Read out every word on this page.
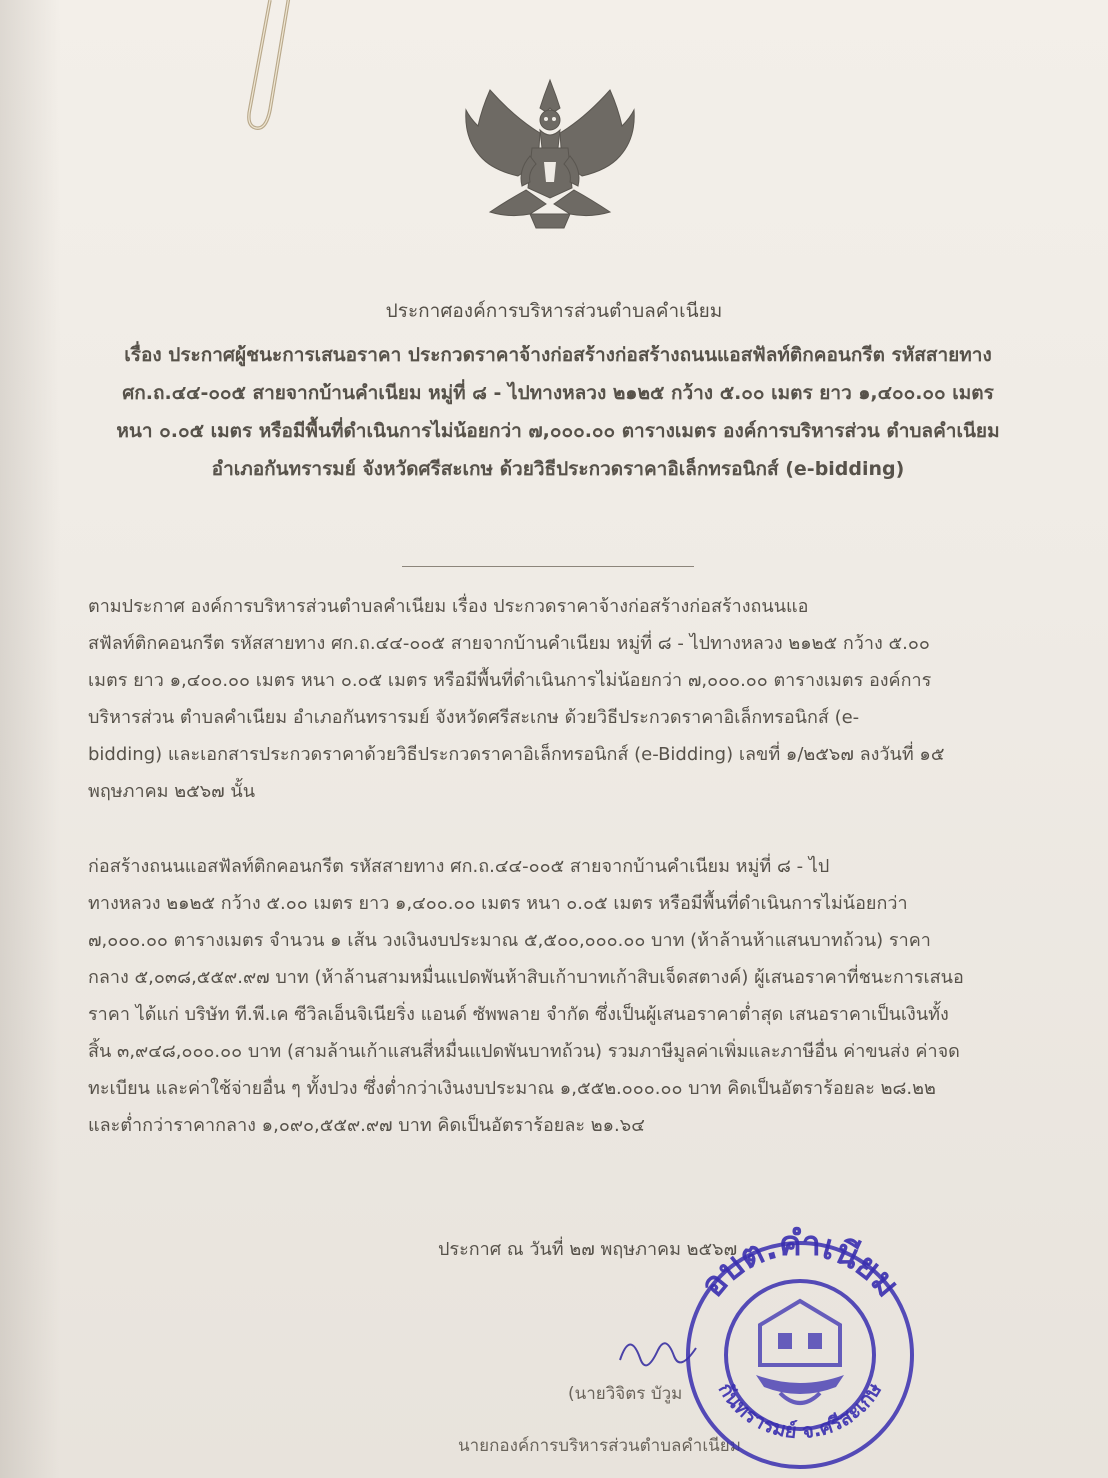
ประกาศองค์การบริหารส่วนตำบลคำเนียม
เรื่อง ประกาศผู้ชนะการเสนอราคา ประกวดราคาจ้างก่อสร้างก่อสร้างถนนแอสฟัลท์ติกคอนกรีต รหัสสายทาง
ศก.ถ.๔๔-๐๐๕ สายจากบ้านคำเนียม หมู่ที่ ๘ - ไปทางหลวง ๒๑๒๕ กว้าง ๕.๐๐ เมตร ยาว ๑,๔๐๐.๐๐ เมตร
หนา ๐.๐๕ เมตร หรือมีพื้นที่ดำเนินการไม่น้อยกว่า ๗,๐๐๐.๐๐ ตารางเมตร องค์การบริหารส่วน ตำบลคำเนียม
อำเภอกันทรารมย์ จังหวัดศรีสะเกษ ด้วยวิธีประกวดราคาอิเล็กทรอนิกส์ (e-bidding)
ตามประกาศ องค์การบริหารส่วนตำบลคำเนียม เรื่อง ประกวดราคาจ้างก่อสร้างก่อสร้างถนนแอ
สฟัลท์ติกคอนกรีต รหัสสายทาง ศก.ถ.๔๔-๐๐๕ สายจากบ้านคำเนียม หมู่ที่ ๘ - ไปทางหลวง ๒๑๒๕ กว้าง ๕.๐๐
เมตร ยาว ๑,๔๐๐.๐๐ เมตร หนา ๐.๐๕ เมตร หรือมีพื้นที่ดำเนินการไม่น้อยกว่า ๗,๐๐๐.๐๐ ตารางเมตร องค์การ
บริหารส่วน ตำบลคำเนียม อำเภอกันทรารมย์ จังหวัดศรีสะเกษ ด้วยวิธีประกวดราคาอิเล็กทรอนิกส์ (e-
bidding) และเอกสารประกวดราคาด้วยวิธีประกวดราคาอิเล็กทรอนิกส์ (e-Bidding) เลขที่ ๑/๒๕๖๗ ลงวันที่ ๑๕
พฤษภาคม ๒๕๖๗ นั้น
ก่อสร้างถนนแอสฟัลท์ติกคอนกรีต รหัสสายทาง ศก.ถ.๔๔-๐๐๕ สายจากบ้านคำเนียม หมู่ที่ ๘ - ไป
ทางหลวง ๒๑๒๕ กว้าง ๕.๐๐ เมตร ยาว ๑,๔๐๐.๐๐ เมตร หนา ๐.๐๕ เมตร หรือมีพื้นที่ดำเนินการไม่น้อยกว่า
๗,๐๐๐.๐๐ ตารางเมตร จำนวน ๑ เส้น วงเงินงบประมาณ ๕,๕๐๐,๐๐๐.๐๐ บาท (ห้าล้านห้าแสนบาทถ้วน) ราคา
กลาง ๕,๐๓๘,๕๕๙.๙๗ บาท (ห้าล้านสามหมื่นแปดพันห้าสิบเก้าบาทเก้าสิบเจ็ดสตางค์) ผู้เสนอราคาที่ชนะการเสนอ
ราคา ได้แก่ บริษัท ที.พี.เค ซีวิลเอ็นจิเนียริ่ง แอนด์ ซัพพลาย จำกัด ซึ่งเป็นผู้เสนอราคาต่ำสุด เสนอราคาเป็นเงินทั้ง
สิ้น ๓,๙๔๘,๐๐๐.๐๐ บาท (สามล้านเก้าแสนสี่หมื่นแปดพันบาทถ้วน) รวมภาษีมูลค่าเพิ่มและภาษีอื่น ค่าขนส่ง ค่าจด
ทะเบียน และค่าใช้จ่ายอื่น ๆ ทั้งปวง ซึ่งต่ำกว่าเงินงบประมาณ ๑,๕๕๒.๐๐๐.๐๐ บาท คิดเป็นอัตราร้อยละ ๒๘.๒๒
และต่ำกว่าราคากลาง ๑,๐๙๐,๕๕๙.๙๗ บาท คิดเป็นอัตราร้อยละ ๒๑.๖๔
ประกาศ ณ วันที่ ๒๗ พฤษภาคม ๒๕๖๗
(นายวิจิตร บัวูม
นายกองค์การบริหารส่วนตำบลคำเนียม
อบต.คำเนียม
กันทรารมย์ จ.ศรีสะเกษ
